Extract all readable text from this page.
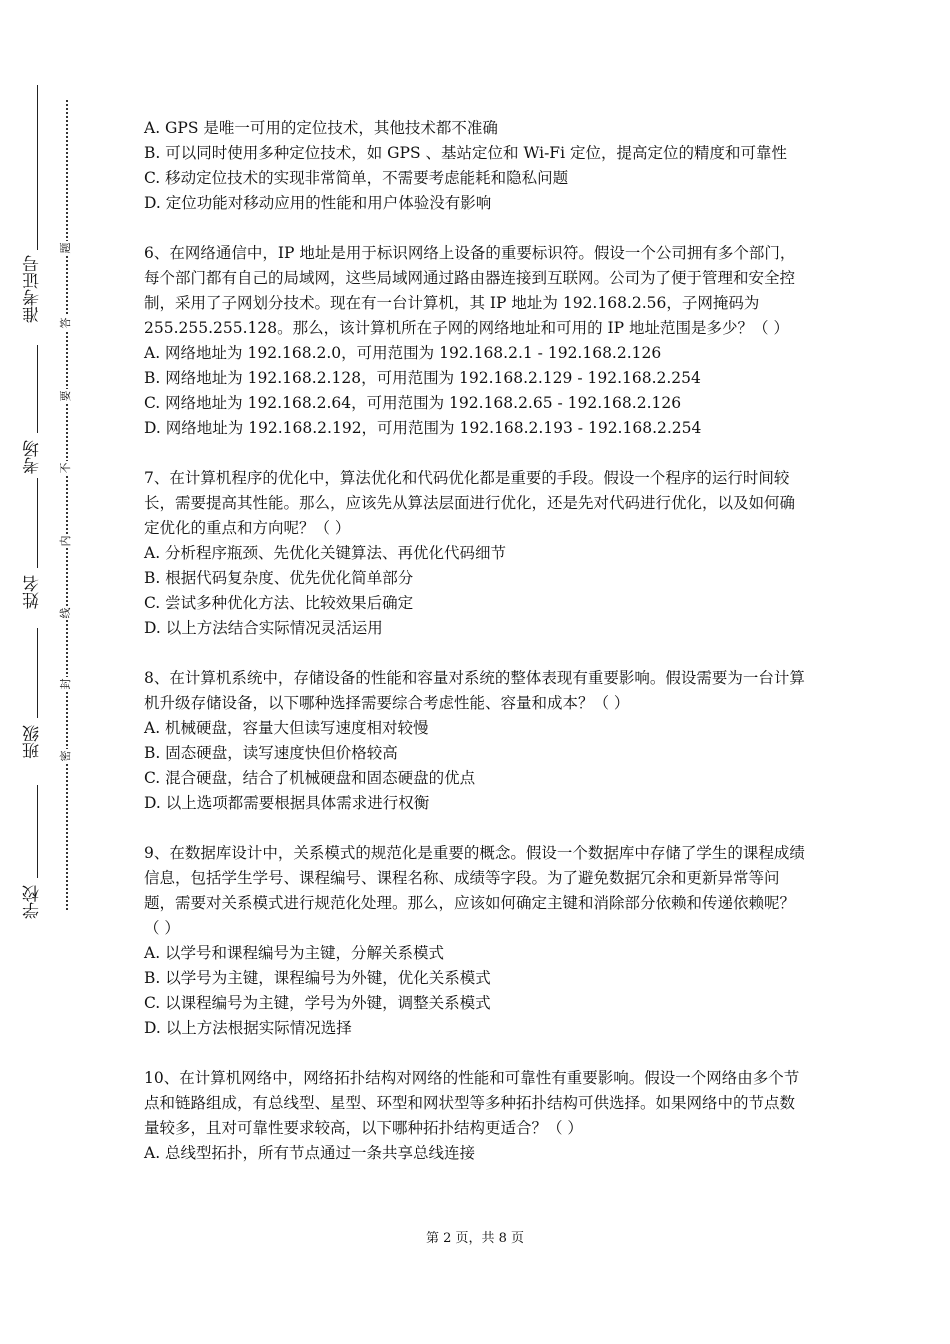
准考证号
考场
姓名
班级
学校
题
答
要
不
内
线
封
密

A. GPS 是唯一可用的定位技术，其他技术都不准确

B. 可以同时使用多种定位技术，如 GPS 、基站定位和 Wi-Fi 定位，提高定位的精度和可靠性

C. 移动定位技术的实现非常简单，不需要考虑能耗和隐私问题

D. 定位功能对移动应用的性能和用户体验没有影响

6、在网络通信中，IP 地址是用于标识网络上设备的重要标识符。假设一个公司拥有多个部门，每个部门都有自己的局域网，这些局域网通过路由器连接到互联网。公司为了便于管理和安全控制，采用了子网划分技术。现在有一台计算机，其 IP 地址为 192.168.2.56，子网掩码为 255.255.255.128。那么，该计算机所在子网的网络地址和可用的 IP 地址范围是多少？（ ）

A. 网络地址为 192.168.2.0，可用范围为 192.168.2.1 - 192.168.2.126

B. 网络地址为 192.168.2.128，可用范围为 192.168.2.129 - 192.168.2.254

C. 网络地址为 192.168.2.64，可用范围为 192.168.2.65 - 192.168.2.126

D. 网络地址为 192.168.2.192，可用范围为 192.168.2.193 - 192.168.2.254

7、在计算机程序的优化中，算法优化和代码优化都是重要的手段。假设一个程序的运行时间较长，需要提高其性能。那么，应该先从算法层面进行优化，还是先对代码进行优化，以及如何确定优化的重点和方向呢？（ ）

A. 分析程序瓶颈、先优化关键算法、再优化代码细节

B. 根据代码复杂度、优先优化简单部分

C. 尝试多种优化方法、比较效果后确定

D. 以上方法结合实际情况灵活运用

8、在计算机系统中，存储设备的性能和容量对系统的整体表现有重要影响。假设需要为一台计算机升级存储设备，以下哪种选择需要综合考虑性能、容量和成本？（ ）

A. 机械硬盘，容量大但读写速度相对较慢

B. 固态硬盘，读写速度快但价格较高

C. 混合硬盘，结合了机械硬盘和固态硬盘的优点

D. 以上选项都需要根据具体需求进行权衡

9、在数据库设计中，关系模式的规范化是重要的概念。假设一个数据库中存储了学生的课程成绩信息，包括学生学号、课程编号、课程名称、成绩等字段。为了避免数据冗余和更新异常等问题，需要对关系模式进行规范化处理。那么，应该如何确定主键和消除部分依赖和传递依赖呢？（ ）

A. 以学号和课程编号为主键，分解关系模式

B. 以学号为主键，课程编号为外键，优化关系模式

C. 以课程编号为主键，学号为外键，调整关系模式

D. 以上方法根据实际情况选择

10、在计算机网络中，网络拓扑结构对网络的性能和可靠性有重要影响。假设一个网络由多个节点和链路组成，有总线型、星型、环型和网状型等多种拓扑结构可供选择。如果网络中的节点数量较多，且对可靠性要求较高，以下哪种拓扑结构更适合？（ ）

A. 总线型拓扑，所有节点通过一条共享总线连接

第 2 页，共 8 页
